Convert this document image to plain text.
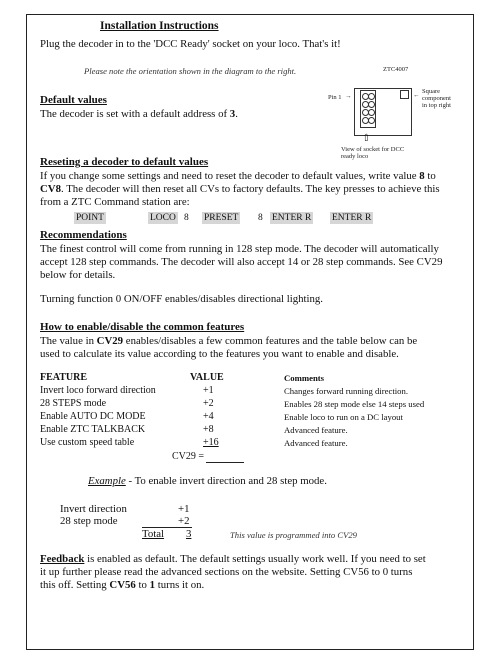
Installation Instructions
Plug the decoder in to the 'DCC Ready' socket on your loco. That's it!
Please note the orientation shown in the diagram to the right.	ZTC4007
Pin 1 →
Square
component
in top right
←
⇧
View of socket for DCC
ready loco
Default values
The decoder is set with a default address of 3.
Reseting a decoder to default values
If you change some settings and need to reset the decoder to default values, write value 8 to
CV8. The decoder will then reset all CVs to factory defaults. The key presses to achieve this
from a ZTC Command station are:
POINT	LOCO 8 PRESET 8 ENTER R ENTER R
Recommendations
The finest control will come from running in 128 step mode. The decoder will automatically
accept 128 step commands. The decoder will also accept 14 or 28 step commands. See CV29
below for details.
Turning function 0 ON/OFF enables/disables directional lighting.
How to enable/disable the common features
The value in CV29 enables/disables a few common features and the table below can be
used to calculate its value according to the features you want to enable and disable.
FEATURE	VALUE	Comments
Invert loco forward direction	+1	Changes forward running direction.
28 STEPS mode	+2	Enables 28 step mode else 14 steps used
Enable AUTO DC MODE	+4	Enable loco to run on a DC layout
Enable ZTC TALKBACK	+8	Advanced feature.
Use custom speed table	+16	Advanced feature.
CV29 =
Example - To enable invert direction and 28 step mode.
Invert direction	+1
28 step mode	+2
Total 3	This value is programmed into CV29
Feedback is enabled as default. The default settings usually work well. If you need to set
it up further please read the advanced sections on the website. Setting CV56 to 0 turns
this off. Setting CV56 to 1 turns it on.
